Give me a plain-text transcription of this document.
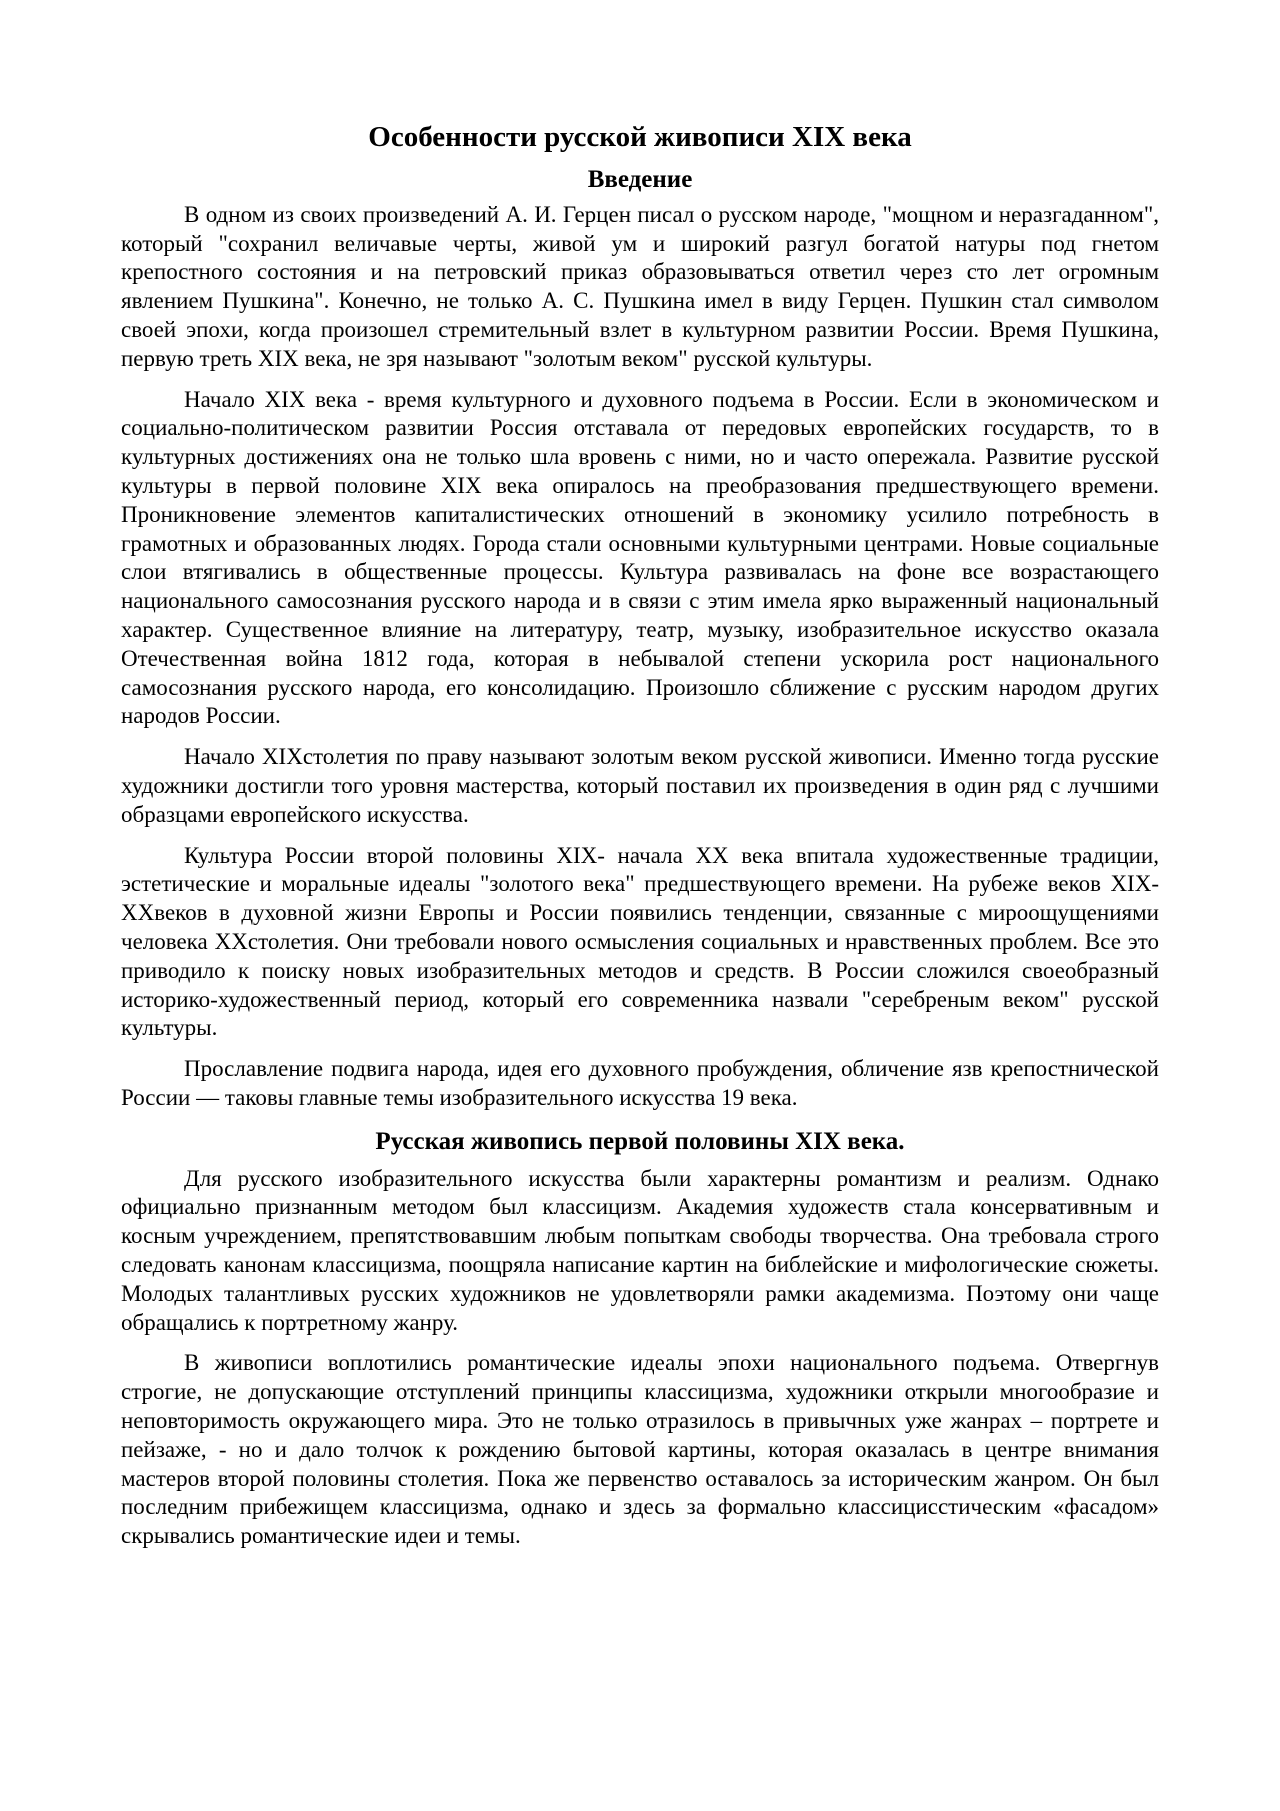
Особенности русской живописи XIX века
Введение

В одном из своих произведений А. И. Герцен писал о русском народе, "мощном и неразгаданном", который "сохранил величавые черты, живой ум и широкий разгул богатой натуры под гнетом крепостного состояния и на петровский приказ образовываться ответил через сто лет огромным явлением Пушкина". Конечно, не только А. С. Пушкина имел в виду Герцен. Пушкин стал символом своей эпохи, когда произошел стремительный взлет в культурном развитии России. Время Пушкина, первую треть XIX века, не зря называют "золотым веком" русской культуры.

Начало XIX века - время культурного и духовного подъема в России. Если в экономическом и социально-политическом развитии Россия отставала от передовых европейских государств, то в культурных достижениях она не только шла вровень с ними, но и часто опережала. Развитие русской культуры в первой половине XIX века опиралось на преобразования предшествующего времени. Проникновение элементов капиталистических отношений в экономику усилило потребность в грамотных и образованных людях. Города стали основными культурными центрами. Новые социальные слои втягивались в общественные процессы. Культура развивалась на фоне все возрастающего национального самосознания русского народа и в связи с этим имела ярко выраженный национальный характер. Существенное влияние на литературу, театр, музыку, изобразительное искусство оказала Отечественная война 1812 года, которая в небывалой степени ускорила рост национального самосознания русского народа, его консолидацию. Произошло сближение с русским народом других народов России.

Начало XIXстолетия по праву называют золотым веком русской живописи. Именно тогда русские художники достигли того уровня мастерства, который поставил их произведения в один ряд с лучшими образцами европейского искусства.

Культура России второй половины XIX- начала XX века впитала художественные традиции, эстетические и моральные идеалы "золотого века" предшествующего времени. На рубеже веков XIX- XXвеков в духовной жизни Европы и России появились тенденции, связанные с мироощущениями человека XXстолетия. Они требовали нового осмысления социальных и нравственных проблем. Все это приводило к поиску новых изобразительных методов и средств. В России сложился своеобразный историко-художественный период, который его современника назвали "серебреным веком" русской культуры.

Прославление подвига народа, идея его духовного пробуждения, обличение язв крепостнической России — таковы главные темы изобразительного искусства 19 века.

Русская живопись первой половины XIX века.

Для русского изобразительного искусства были характерны романтизм и реализм. Однако официально признанным методом был классицизм. Академия художеств стала консервативным и косным учреждением, препятствовавшим любым попыткам свободы творчества. Она требовала строго следовать канонам классицизма, поощряла написание картин на библейские и мифологические сюжеты. Молодых талантливых русских художников не удовлетворяли рамки академизма. Поэтому они чаще обращались к портретному жанру.

В живописи воплотились романтические идеалы эпохи национального подъема. Отвергнув строгие, не допускающие отступлений принципы классицизма, художники открыли многообразие и неповторимость окружающего мира. Это не только отразилось в привычных уже жанрах – портрете и пейзаже, - но и дало толчок к рождению бытовой картины, которая оказалась в центре внимания мастеров второй половины столетия. Пока же первенство оставалось за историческим жанром. Он был последним прибежищем классицизма, однако и здесь за формально классицисстическим «фасадом» скрывались романтические идеи и темы.
